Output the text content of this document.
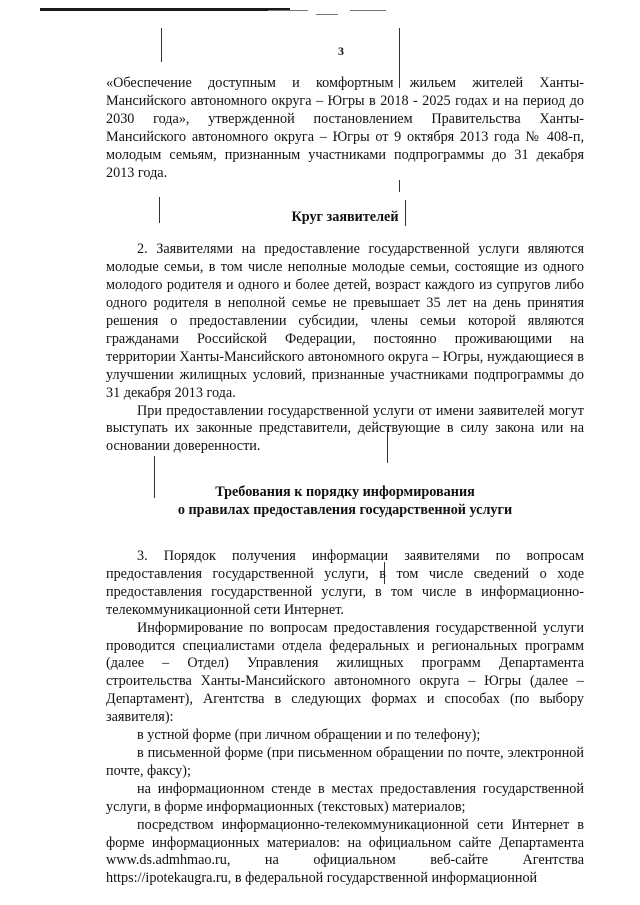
3

«Обеспечение доступным и комфортным жильем жителей Ханты-Мансийского автономного округа – Югры в 2018 - 2025 годах и на период до 2030 года», утвержденной постановлением Правительства Ханты-Мансийского автономного округа – Югры от 9 октября 2013 года № 408-п, молодым семьям, признанным участниками подпрограммы до 31 декабря 2013 года.

Круг заявителей

2. Заявителями на предоставление государственной услуги являются молодые семьи, в том числе неполные молодые семьи, состоящие из одного молодого родителя и одного и более детей, возраст каждого из супругов либо одного родителя в неполной семье не превышает 35 лет на день принятия решения о предоставлении субсидии, члены семьи которой являются гражданами Российской Федерации, постоянно проживающими на территории Ханты-Мансийского автономного округа – Югры, нуждающиеся в улучшении жилищных условий, признанные участниками подпрограммы до 31 декабря 2013 года.

При предоставлении государственной услуги от имени заявителей могут выступать их законные представители, действующие в силу закона или на основании доверенности.

Требования к порядку информирования
о правилах предоставления государственной услуги

3. Порядок получения информации заявителями по вопросам предоставления государственной услуги, в том числе сведений о ходе предоставления государственной услуги, в том числе в информационно-телекоммуникационной сети Интернет.

Информирование по вопросам предоставления государственной услуги проводится специалистами отдела федеральных и региональных программ (далее – Отдел) Управления жилищных программ Департамента строительства Ханты-Мансийского автономного округа – Югры (далее – Департамент), Агентства в следующих формах и способах (по выбору заявителя):

в устной форме (при личном обращении и по телефону);

в письменной форме (при письменном обращении по почте, электронной почте, факсу);

на информационном стенде в местах предоставления государственной услуги, в форме информационных (текстовых) материалов;

посредством информационно-телекоммуникационной сети Интернет в форме информационных материалов: на официальном сайте Департамента www.ds.admhmao.ru, на официальном веб-сайте Агентства https://ipotekaugra.ru, в федеральной государственной информационной
